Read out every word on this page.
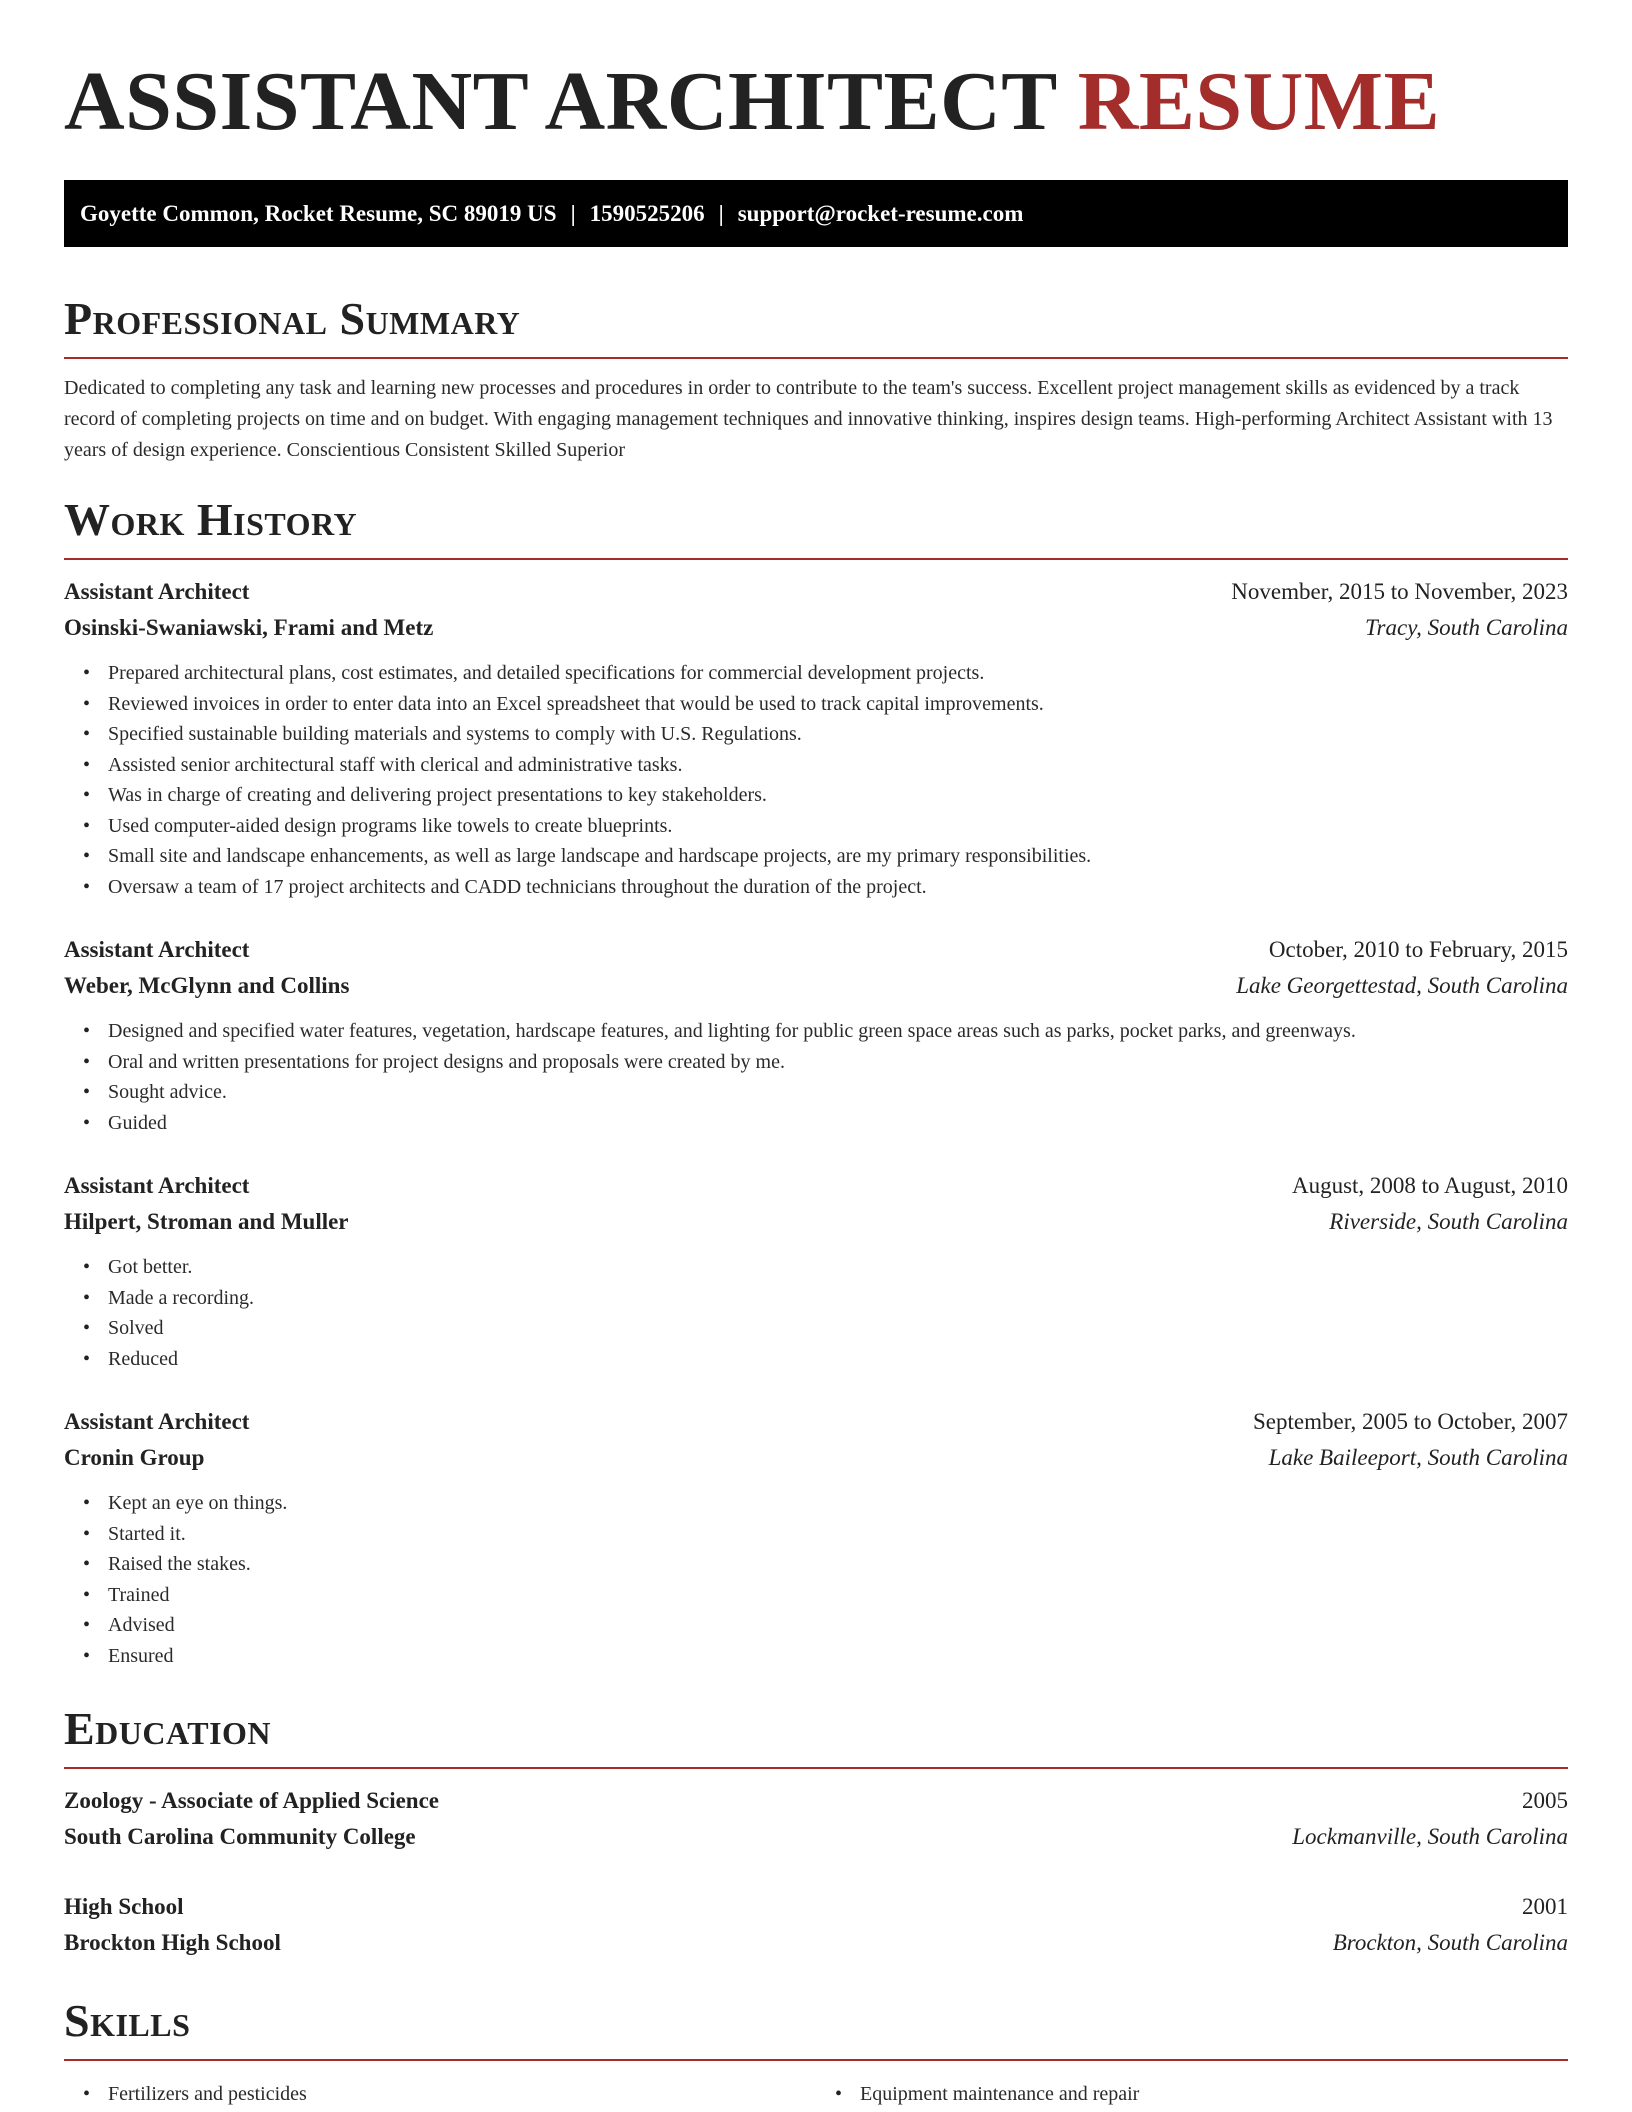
ASSISTANT ARCHITECT RESUME
Goyette Common, Rocket Resume, SC 89019 US | 1590525206 | support@rocket-resume.com
Professional Summary

Dedicated to completing any task and learning new processes and procedures in order to contribute to the team's success. Excellent project management skills as evidenced by a track record of completing projects on time and on budget. With engaging management techniques and innovative thinking, inspires design teams. High-performing Architect Assistant with 13 years of design experience. Conscientious Consistent Skilled Superior

Work History
Assistant Architect	November, 2015 to November, 2023
Osinski-Swaniawski, Frami and Metz	Tracy, South Carolina
• Prepared architectural plans, cost estimates, and detailed specifications for commercial development projects.
• Reviewed invoices in order to enter data into an Excel spreadsheet that would be used to track capital improvements.
• Specified sustainable building materials and systems to comply with U.S. Regulations.
• Assisted senior architectural staff with clerical and administrative tasks.
• Was in charge of creating and delivering project presentations to key stakeholders.
• Used computer-aided design programs like towels to create blueprints.
• Small site and landscape enhancements, as well as large landscape and hardscape projects, are my primary responsibilities.
• Oversaw a team of 17 project architects and CADD technicians throughout the duration of the project.
Assistant Architect	October, 2010 to February, 2015
Weber, McGlynn and Collins	Lake Georgettestad, South Carolina
• Designed and specified water features, vegetation, hardscape features, and lighting for public green space areas such as parks, pocket parks, and greenways.
• Oral and written presentations for project designs and proposals were created by me.
• Sought advice.
• Guided
Assistant Architect	August, 2008 to August, 2010
Hilpert, Stroman and Muller	Riverside, South Carolina
• Got better.
• Made a recording.
• Solved
• Reduced
Assistant Architect	September, 2005 to October, 2007
Cronin Group	Lake Baileeport, South Carolina
• Kept an eye on things.
• Started it.
• Raised the stakes.
• Trained
• Advised
• Ensured
Education
Zoology - Associate of Applied Science	2005
South Carolina Community College	Lockmanville, South Carolina
High School	2001
Brockton High School	Brockton, South Carolina
Skills
• Fertilizers and pesticides
•	Equipment maintenance and repair
